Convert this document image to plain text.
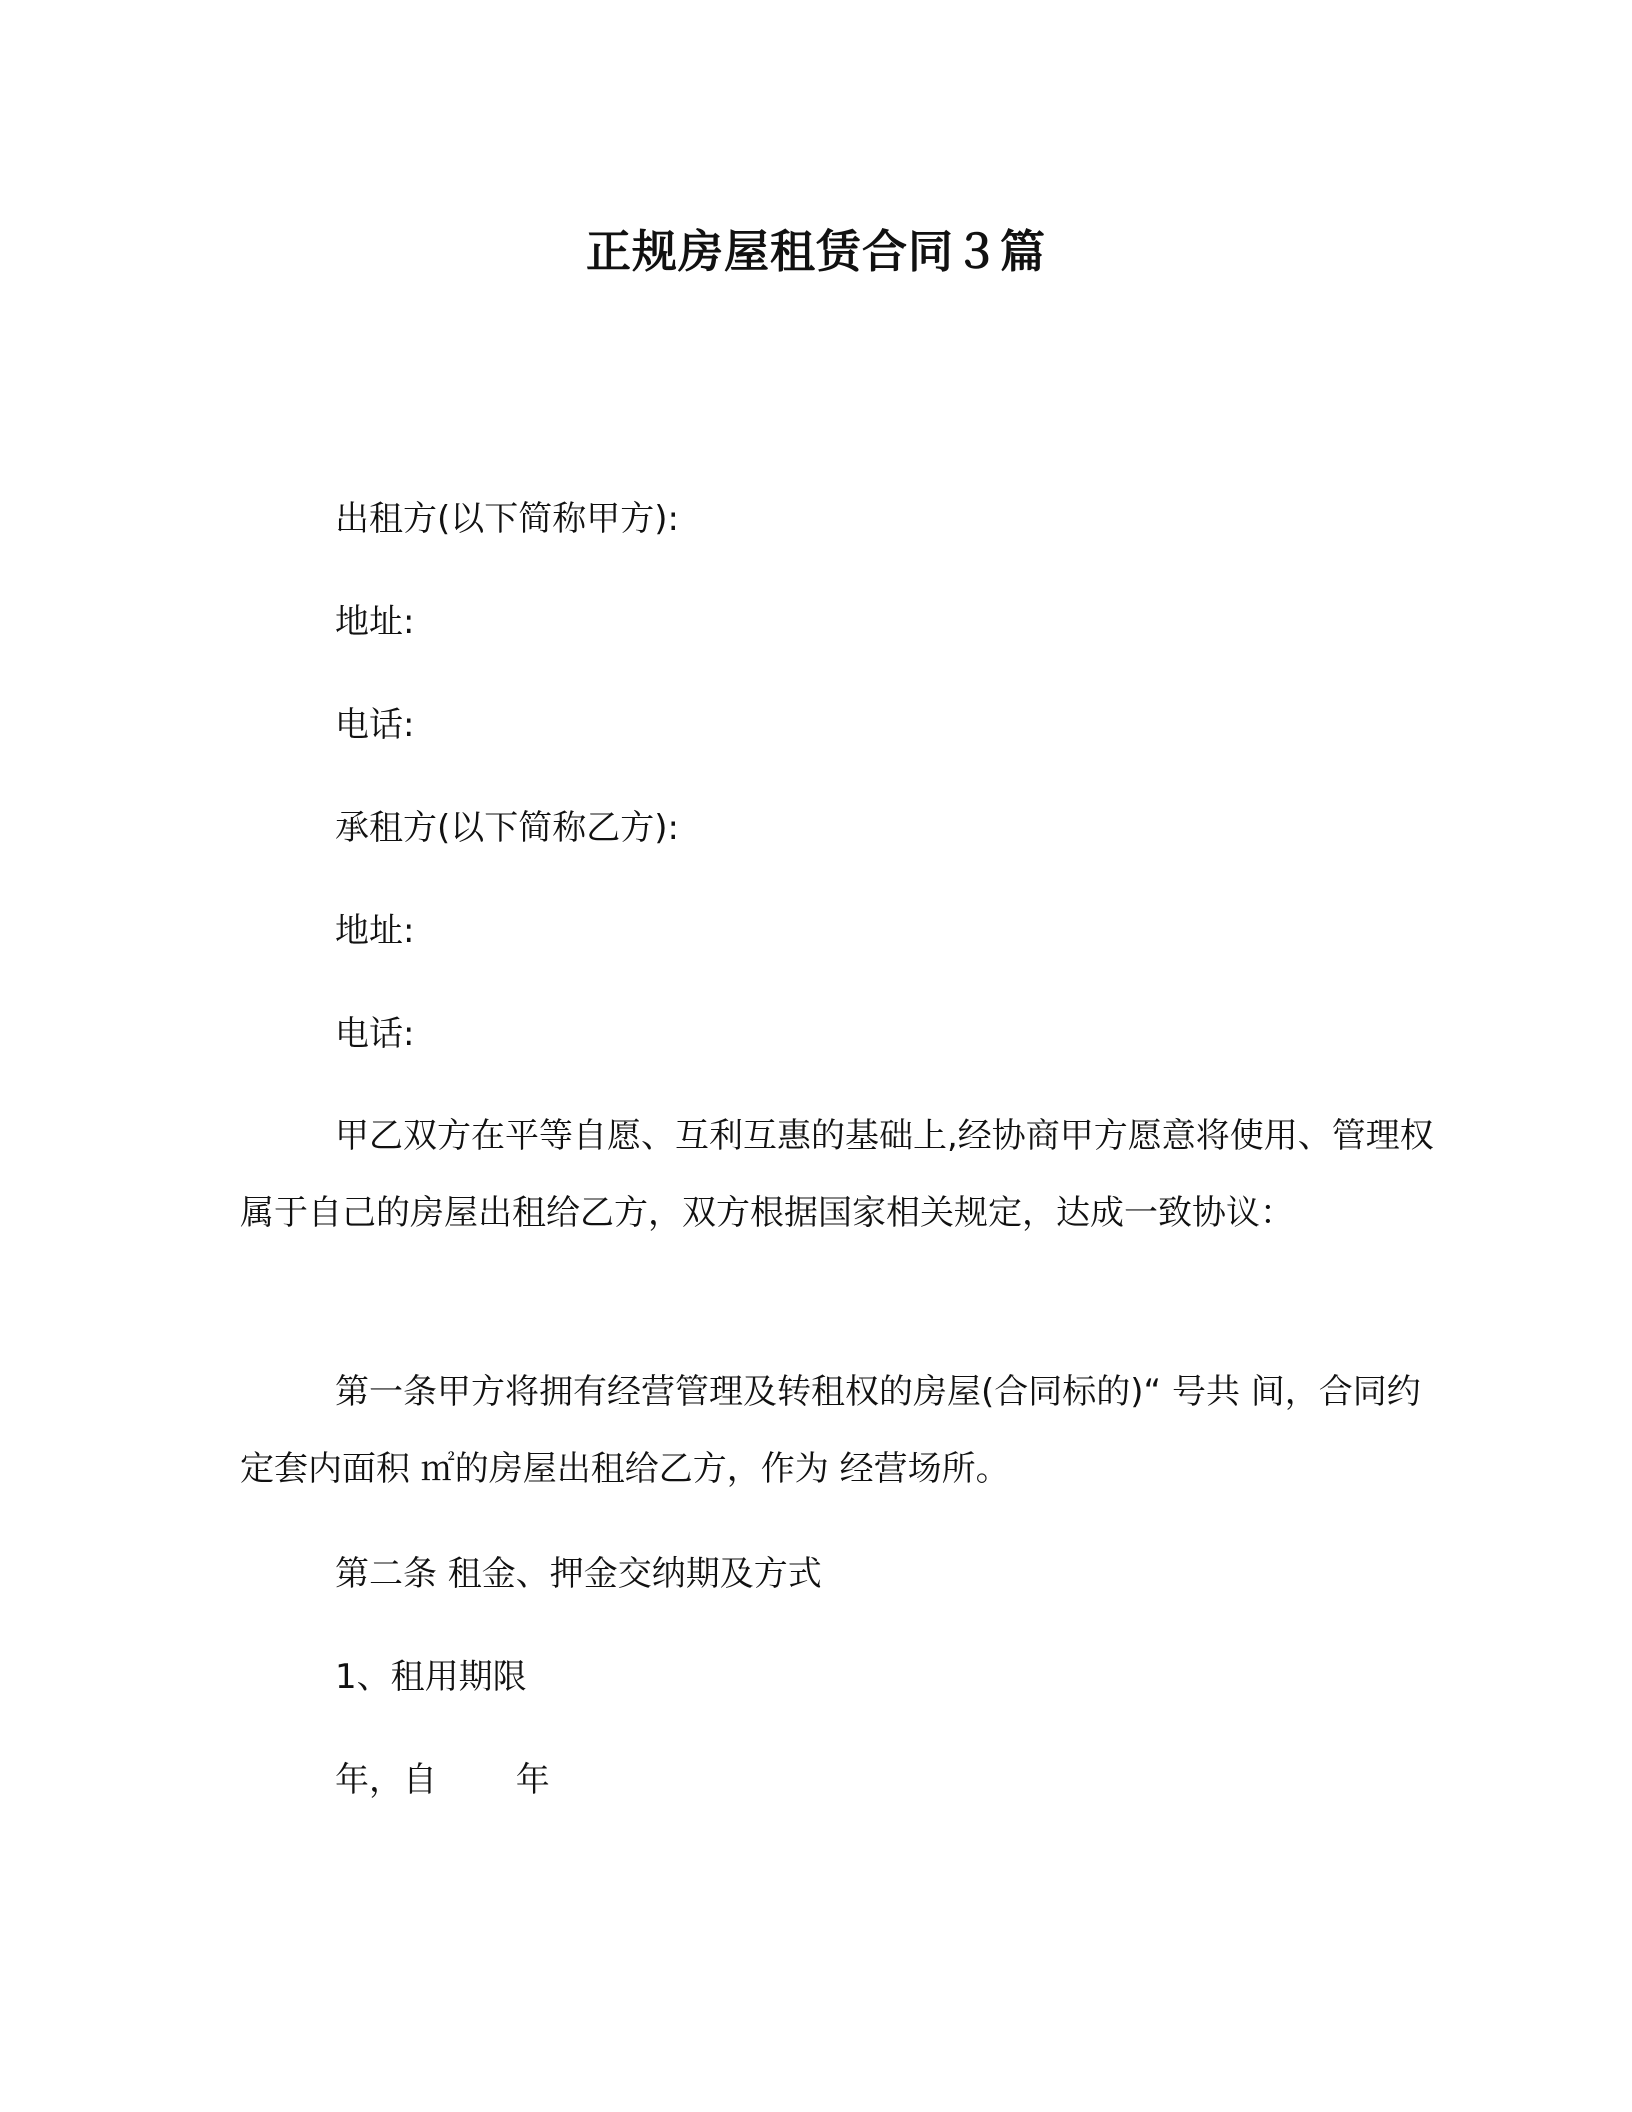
正规房屋租赁合同３篇
出租方(以下简称甲方):
地址:
电话:
承租方(以下简称乙方):
地址:
电话:
甲乙双方在平等自愿、互利互惠的基础上,经协商甲方愿意将使用、管理权属于自己的房屋出租给乙方，双方根据国家相关规定，达成一致协议：
第一条甲方将拥有经营管理及转租权的房屋(合同标的)“ 号共 间，合同约定套内面积 ㎡的房屋出租给乙方，作为 经营场所。
第二条 租金、押金交纳期及方式
1、租用期限
年，自　　 年
